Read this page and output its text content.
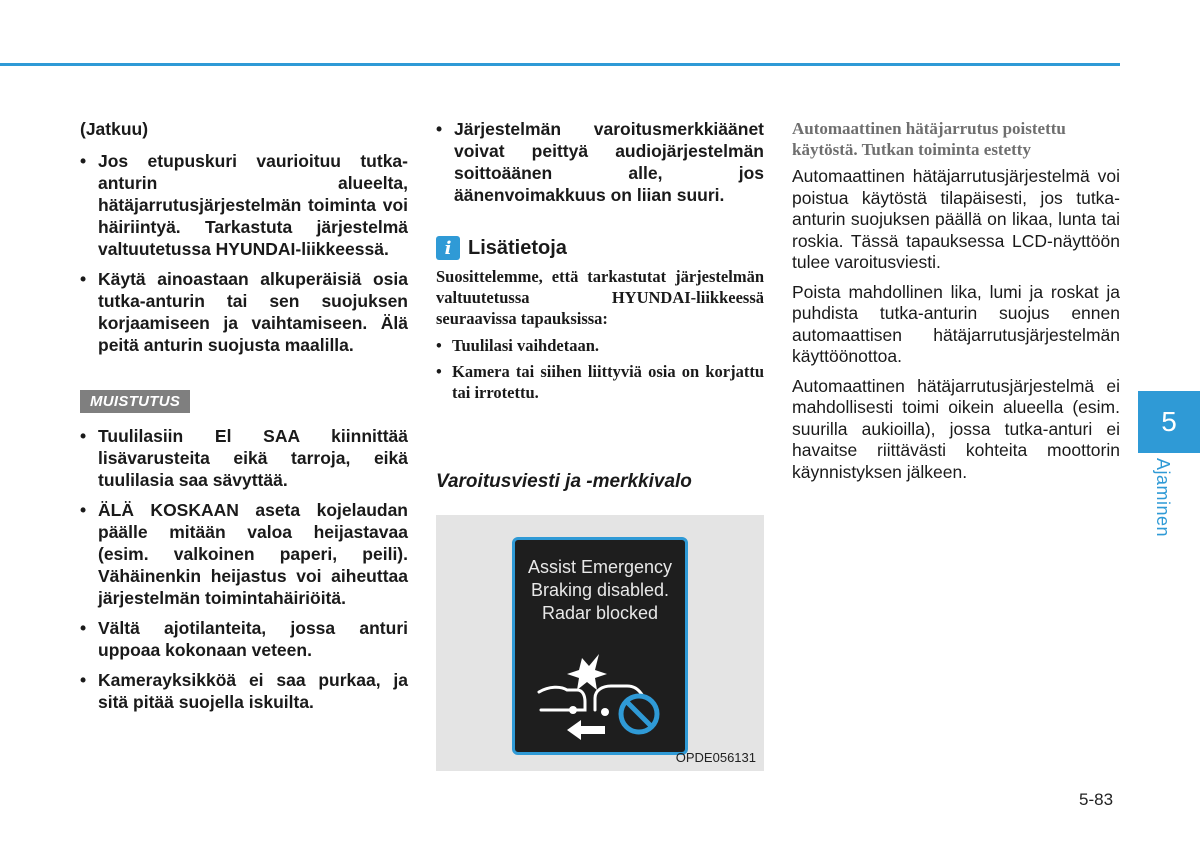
(Jatkuu)

• Jos etupuskuri vaurioituu tutka-anturin alueelta, hätäjarrutusjärjestelmän toiminta voi häiriintyä. Tarkastuta järjestelmä valtuutetussa HYUNDAI-liikkeessä.
• Käytä ainoastaan alkuperäisiä osia tutka-anturin tai sen suojuksen korjaamiseen ja vaihtamiseen. Älä peitä anturin suojusta maalilla.
MUISTUTUS
• Tuulilasiin El SAA kiinnittää lisävarusteita eikä tarroja, eikä tuulilasia saa sävyttää.
• ÄLÄ KOSKAAN aseta kojelaudan päälle mitään valoa heijastavaa (esim. valkoinen paperi, peili). Vähäinenkin heijastus voi aiheuttaa järjestelmän toimintahäiriöitä.
• Vältä ajotilanteita, jossa anturi uppoaa kokonaan veteen.
• Kamerayksikköä ei saa purkaa, ja sitä pitää suojella iskuilta.
• Järjestelmän varoitusmerkkiäänet voivat peittyä audiojärjestelmän soittoäänen alle, jos äänenvoimakkuus on liian suuri.
i Lisätietoja

Suosittelemme, että tarkastutat järjestelmän valtuutetussa HYUNDAI-liikkeessä seuraavissa tapauksissa:

• Tuulilasi vaihdetaan.
• Kamera tai siihen liittyviä osia on korjattu tai irrotettu.
Varoitusviesti ja -merkkivalo
Assist Emergency
Braking disabled.
Radar blocked
OPDE056131
Automaattinen hätäjarrutus poistettu käytöstä. Tutkan toiminta estetty

Automaattinen hätäjarrutusjärjestelmä voi poistua käytöstä tilapäisesti, jos tutka-anturin suojuksen päällä on likaa, lunta tai roskia. Tässä tapauksessa LCD-näyttöön tulee varoitusviesti.

Poista mahdollinen lika, lumi ja roskat ja puhdista tutka-anturin suojus ennen automaattisen hätäjarrutusjärjestelmän käyttöönottoa.

Automaattinen hätäjarrutusjärjestelmä ei mahdollisesti toimi oikein alueella (esim. suurilla aukioilla), jossa tutka-anturi ei havaitse riittävästi kohteita moottorin käynnistyksen jälkeen.

5
Ajaminen
5-83
